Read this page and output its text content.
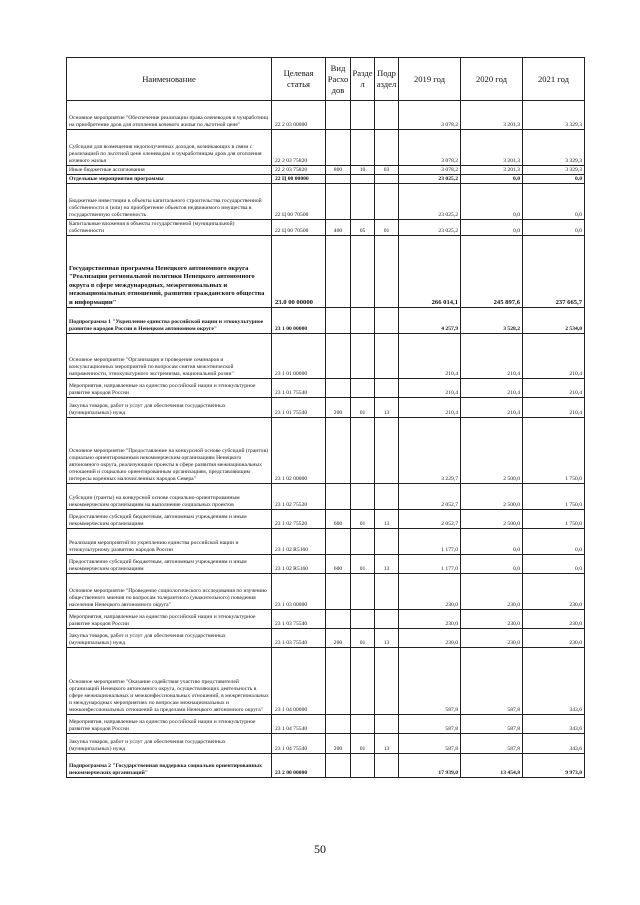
Наименование	Целевая статья	Вид Расхо дов	Разде л	Подр аздел	2019 год	2020 год	2021 год
Основное мероприятие "Обеспечение реализации права оленеводов и чумработниц на приобретение дров для отопления кочевого жилья по льготной цене"	22 2 03 00000				3 078,2	3 201,3	3 329,3
Субсидии для возмещения недополученных доходов, возникающих в связи с реализацией по льготной цене оленеводам и чумработницам дров для отопления кочевого жилья	22 2 03 75820				3 078,2	3 201,3	3 329,3
Иные бюджетные ассигнования	22 2 03 75820	800	10	03	3 078,2	3 201,3	3 329,3
Отдельные мероприятия программы	22 Ц 00 00000				23 025,2	0,0	0,0
Бюджетные инвестиции в объекты капитального строительства государственной собственности и (или) на приобретение объектов недвижимого имущества в государственную собственность	22 Ц 00 70500				23 025,2	0,0	0,0
Капитальные вложения в объекты государственной (муниципальной) собственности	22 Ц 00 70500	400	05	01	23 025,2	0,0	0,0
Государственная программа Ненецкого автономного округа "Реализация региональной политики Ненецкого автономного округа в сфере международных, межрегиональных и межнациональных отношений, развития гражданского общества и информации"	23.0 00 00000				266 014,1	245 897,6	237 665,7
Подпрограмма 1 "Укрепление единства российской нации и этнокультурное развитие народов России в Ненецком автономном округе"	23 1 00 00000				4 257,9	3 528,2	2 534,0
Основное мероприятие "Организация и проведение семинаров и консультационных мероприятий по вопросам снятия межэтнической напряженности, этнокультурного экстремизма, национальной розни"	23 1 01 00000				210,4	210,4	210,4
Мероприятия, направленные на единство российской нации и этнокультурное развитие народов России	23 1 01 75540				210,4	210,4	210,4
Закупка товаров, работ и услуг для обеспечения государственных (муниципальных) нужд	23 1 01 75540	200	01	13	210,4	210,4	210,4
Основное мероприятие "Предоставление на конкурсной основе субсидий (грантов) социально ориентированным некоммерческим организациям Ненецкого автономного округа, реализующим проекты в сфере развития межнациональных отношений и социально ориентированным организациям, представляющим интересы коренных малочисленных народов Севера"	23 1 02 00000				3 229,7	2 500,0	1 750,0
Субсидии (гранты) на конкурсной основе социально-ориентированным некоммерческим организациям на выполнение социальных проектов	23 1 02 75520				2 052,7	2 500,0	1 750,0
Предоставление субсидий бюджетным, автономным учреждениям и иным некоммерческим организациям	23 1 02 75520	600	01	13	2 052,7	2 500,0	1 750,0
Реализация мероприятий по укреплению единства российской нации и этнокультурному развитию народов России	23 1 02 R5160				1 177,0	0,0	0,0
Предоставление субсидий бюджетным, автономным учреждениям и иным некоммерческим организациям	23 1 02 R5160	600	01	13	1 177,0	0,0	0,0
Основное мероприятие "Проведение социологического исследования по изучению общественного мнения по вопросам толерантного (уважительного) поведения населения Ненецкого автономного округа"	23 1 03 00000				230,0	230,0	230,0
Мероприятия, направленные на единство российской нации и этнокультурное развитие народов России	23 1 03 75540				230,0	230,0	230,0
Закупка товаров, работ и услуг для обеспечения государственных (муниципальных) нужд	23 1 03 75540	200	01	13	230,0	230,0	230,0
Основное мероприятие "Оказание содействия участию представителей организаций Ненецкого автономного округа, осуществляющих деятельность в сфере межнациональных и межконфессиональных отношений, в межрегиональных и международных мероприятиях по вопросам межнациональных и межконфессиональных отношений за пределами Ненецкого автономного округа"	23 1 04 00000				587,8	587,8	343,6
Мероприятия, направленные на единство российской нации и этнокультурное развитие народов России	23 1 04 75540				587,8	587,8	343,6
Закупка товаров, работ и услуг для обеспечения государственных (муниципальных) нужд	23 1 04 75540	200	01	13	587,8	587,8	343,6
Подпрограмма 2 "Государственная поддержка социально ориентированных некоммерческих организаций"	23 2 00 00000				17 939,0	13 454,8	9 973,0
50
